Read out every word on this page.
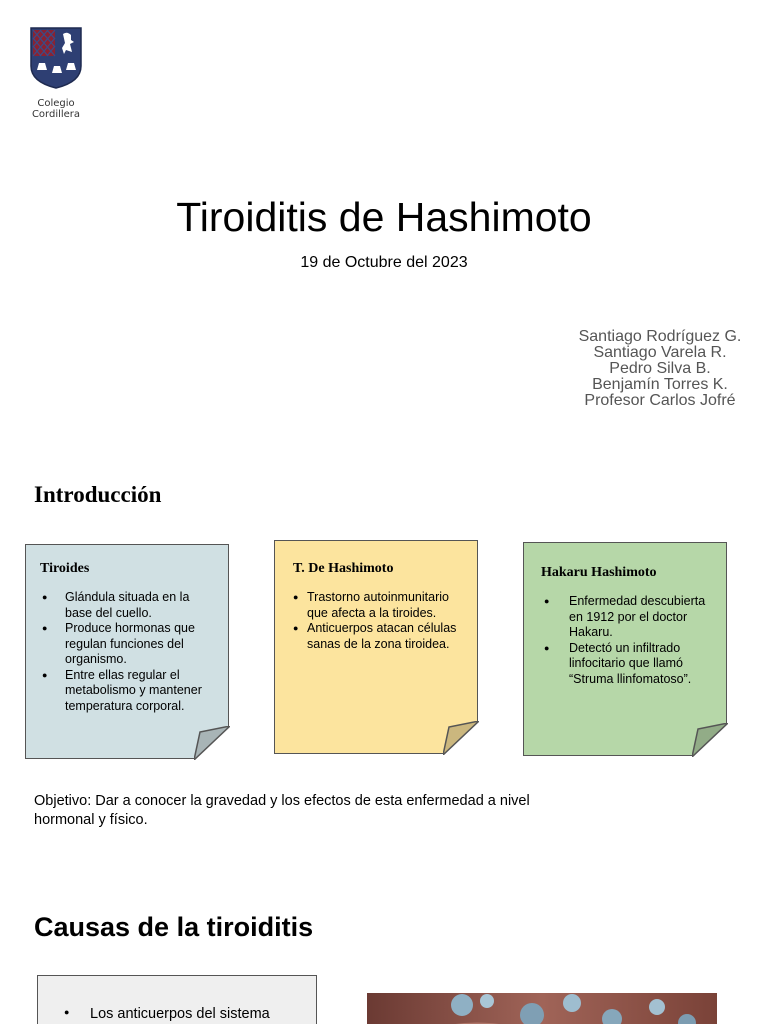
Colegio
Cordillera
Tiroiditis de Hashimoto
19 de Octubre del 2023
Santiago Rodríguez G.
Santiago Varela R.
Pedro Silva B.
Benjamín Torres K.
Profesor Carlos Jofré
Introducción
Tiroides
● Glándula situada en la base del cuello.
● Produce hormonas que regulan funciones del organismo.
● Entre ellas regular el metabolismo y mantener temperatura corporal.
T. De Hashimoto
● Trastorno autoinmunitario que afecta a la tiroides.
● Anticuerpos atacan células sanas de la zona tiroidea.
Hakaru Hashimoto
● Enfermedad descubierta en 1912 por el doctor Hakaru.
● Detectó un infiltrado linfocitario que llamó “Struma llinfomatoso”.

Objetivo: Dar a conocer la gravedad y los efectos de esta enfermedad a nivel hormonal y físico.

Causas de la tiroiditis
● Los anticuerpos del sistema
